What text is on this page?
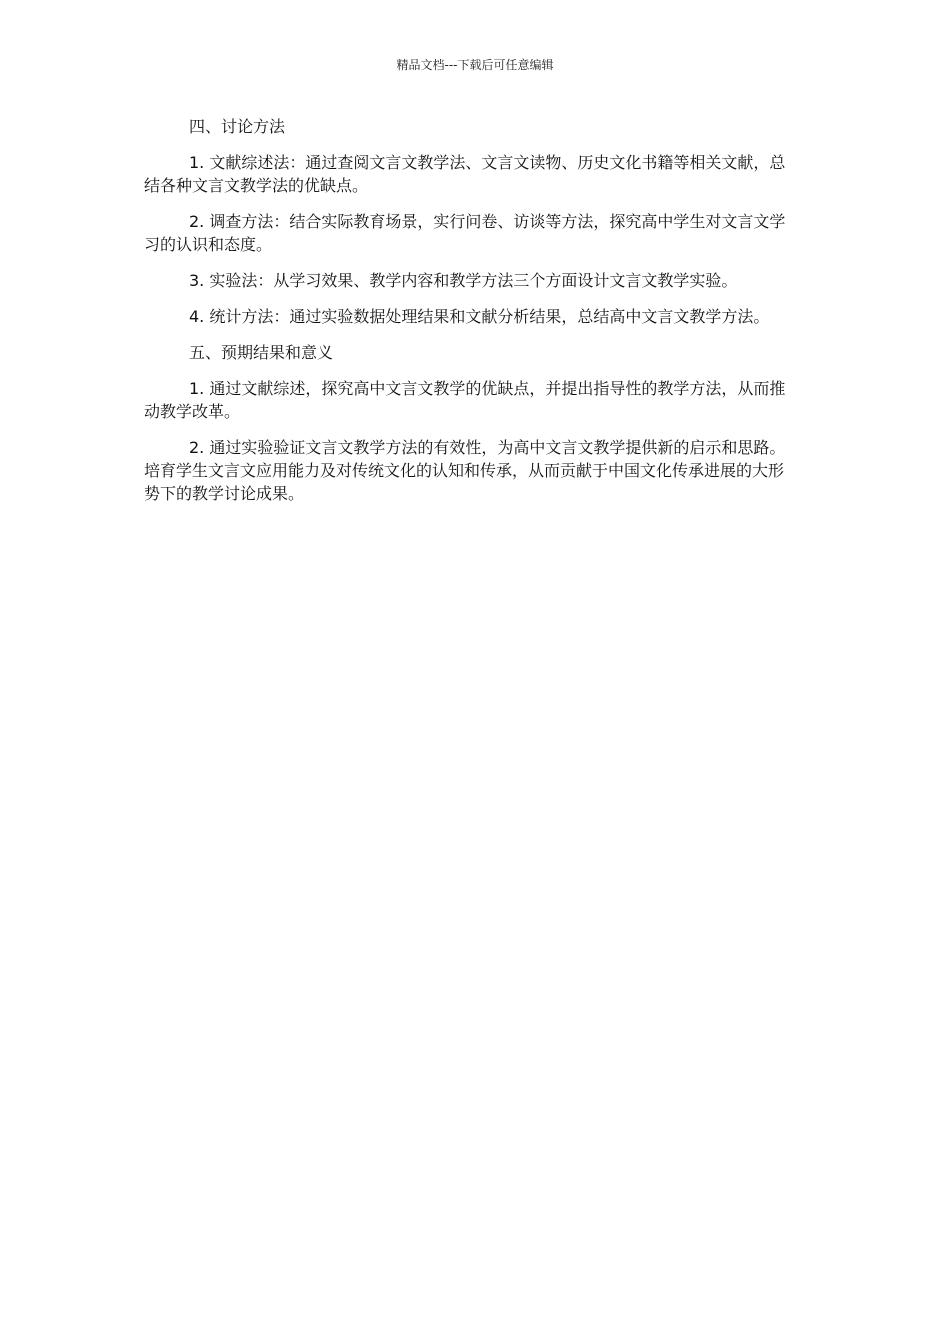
精品文档---下载后可任意编辑

四、讨论方法

1. 文献综述法：通过查阅文言文教学法、文言文读物、历史文化书籍等相关文献，总结各种文言文教学法的优缺点。

2. 调查方法：结合实际教育场景，实行问卷、访谈等方法，探究高中学生对文言文学习的认识和态度。

3. 实验法：从学习效果、教学内容和教学方法三个方面设计文言文教学实验。

4. 统计方法：通过实验数据处理结果和文献分析结果，总结高中文言文教学方法。

五、预期结果和意义

1. 通过文献综述，探究高中文言文教学的优缺点，并提出指导性的教学方法，从而推动教学改革。

2. 通过实验验证文言文教学方法的有效性，为高中文言文教学提供新的启示和思路。培育学生文言文应用能力及对传统文化的认知和传承，从而贡献于中国文化传承进展的大形势下的教学讨论成果。
